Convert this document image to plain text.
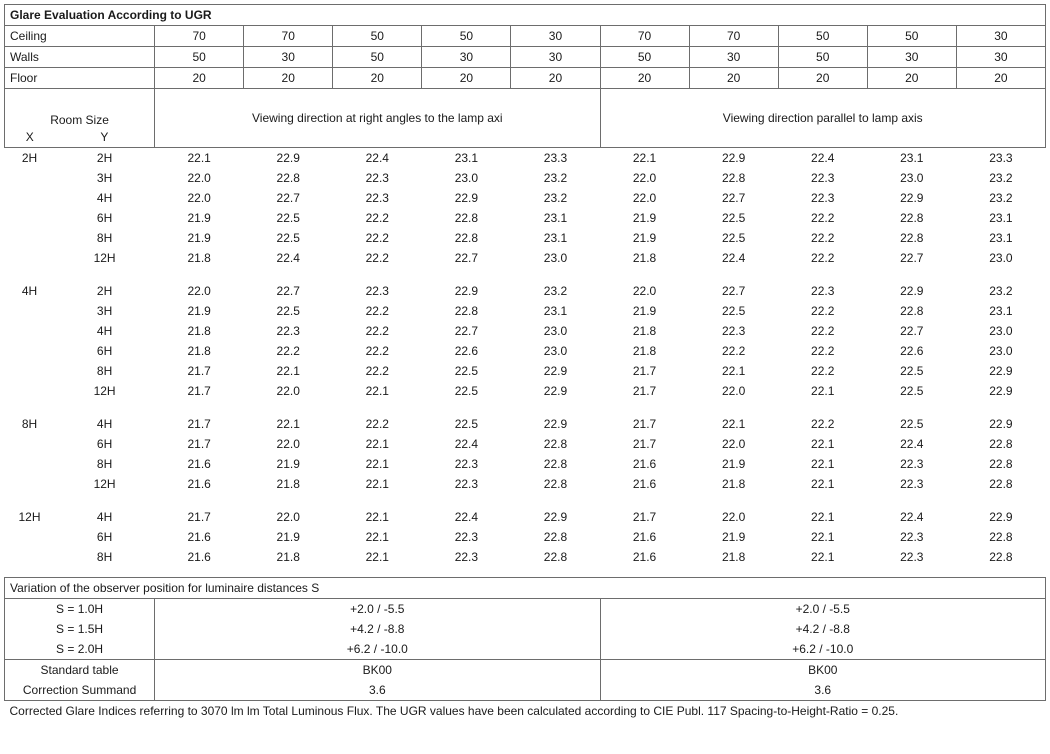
Glare Evaluation According to UGR											
Ceiling		70	70	50	50	30	70	70	50	50	30
Walls		50	30	50	30	30	50	30	50	30	30
Floor		20	20	20	20	20	20	20	20	20	20
Room Size		Viewing direction at right angles to the lamp axi					Viewing direction parallel to lamp axis				
X	Y										
2H	2H	22.1	22.9	22.4	23.1	23.3	22.1	22.9	22.4	23.1	23.3
	3H	22.0	22.8	22.3	23.0	23.2	22.0	22.8	22.3	23.0	23.2
	4H	22.0	22.7	22.3	22.9	23.2	22.0	22.7	22.3	22.9	23.2
	6H	21.9	22.5	22.2	22.8	23.1	21.9	22.5	22.2	22.8	23.1
	8H	21.9	22.5	22.2	22.8	23.1	21.9	22.5	22.2	22.8	23.1
	12H	21.8	22.4	22.2	22.7	23.0	21.8	22.4	22.2	22.7	23.0

4H	2H	22.0	22.7	22.3	22.9	23.2	22.0	22.7	22.3	22.9	23.2
	3H	21.9	22.5	22.2	22.8	23.1	21.9	22.5	22.2	22.8	23.1
	4H	21.8	22.3	22.2	22.7	23.0	21.8	22.3	22.2	22.7	23.0
	6H	21.8	22.2	22.2	22.6	23.0	21.8	22.2	22.2	22.6	23.0
	8H	21.7	22.1	22.2	22.5	22.9	21.7	22.1	22.2	22.5	22.9
	12H	21.7	22.0	22.1	22.5	22.9	21.7	22.0	22.1	22.5	22.9

8H	4H	21.7	22.1	22.2	22.5	22.9	21.7	22.1	22.2	22.5	22.9
	6H	21.7	22.0	22.1	22.4	22.8	21.7	22.0	22.1	22.4	22.8
	8H	21.6	21.9	22.1	22.3	22.8	21.6	21.9	22.1	22.3	22.8
	12H	21.6	21.8	22.1	22.3	22.8	21.6	21.8	22.1	22.3	22.8

12H	4H	21.7	22.0	22.1	22.4	22.9	21.7	22.0	22.1	22.4	22.9
	6H	21.6	21.9	22.1	22.3	22.8	21.6	21.9	22.1	22.3	22.8
	8H	21.6	21.8	22.1	22.3	22.8	21.6	21.8	22.1	22.3	22.8

Variation of the observer position for luminaire distances S											
S = 1.0H		+2.0 / -5.5					+2.0 / -5.5				
S = 1.5H		+4.2 / -8.8					+4.2 / -8.8				
S = 2.0H		+6.2 / -10.0					+6.2 / -10.0				
Standard table		BK00					BK00				
Correction Summand		3.6					3.6				
Corrected Glare Indices referring to 3070 lm lm Total Luminous Flux. The UGR values have been calculated according to CIE Publ. 117 Spacing-to-Height-Ratio = 0.25.											
